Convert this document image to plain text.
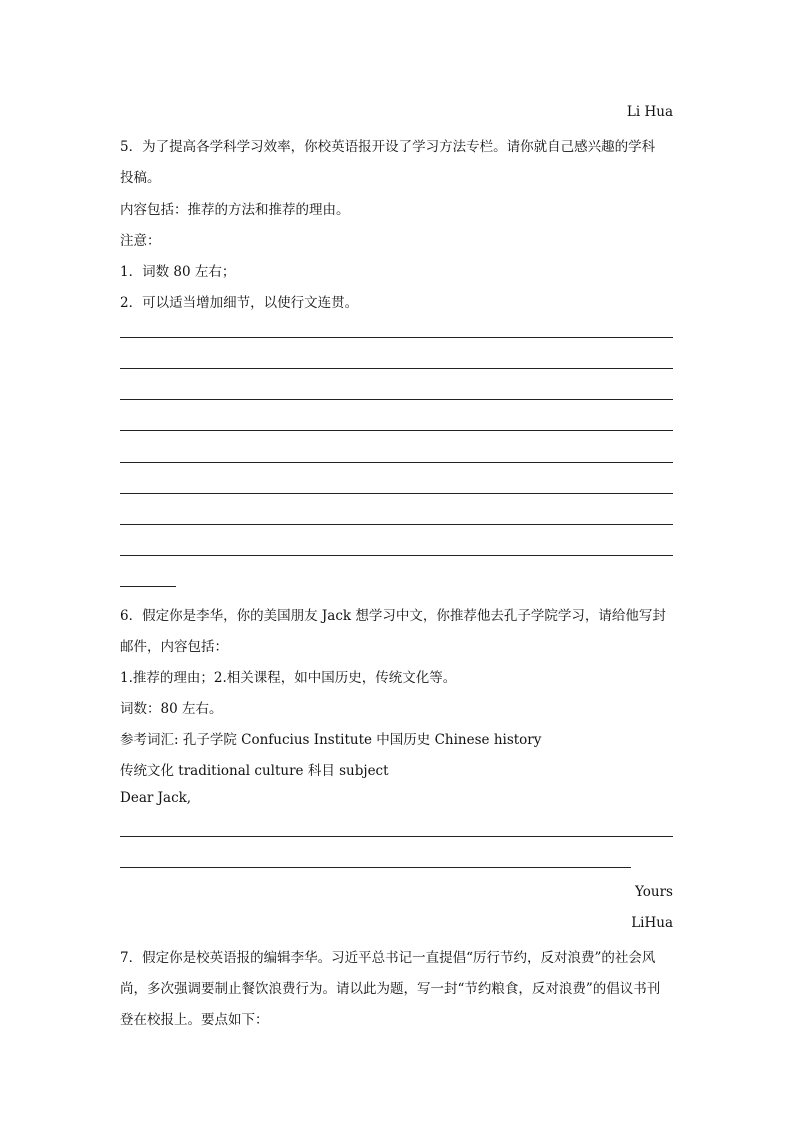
Li Hua
5．为了提高各学科学习效率，你校英语报开设了学习方法专栏。请你就自己感兴趣的学科
投稿。
内容包括：推荐的方法和推荐的理由。
注意：
1．词数 80 左右；
2．可以适当增加细节，以使行文连贯。
6．假定你是李华，你的美国朋友 Jack 想学习中文，你推荐他去孔子学院学习，请给他写封
邮件，内容包括：
1.推荐的理由；2.相关课程，如中国历史，传统文化等。
词数：80 左右。
参考词汇: 孔子学院 Confucius Institute 中国历史 Chinese history
传统文化 traditional culture 科目 subject
Dear Jack,
Yours
LiHua
7．假定你是校英语报的编辑李华。习近平总书记一直提倡“厉行节约，反对浪费”的社会风
尚，多次强调要制止餐饮浪费行为。请以此为题，写一封“节约粮食，反对浪费”的倡议书刊
登在校报上。要点如下：
